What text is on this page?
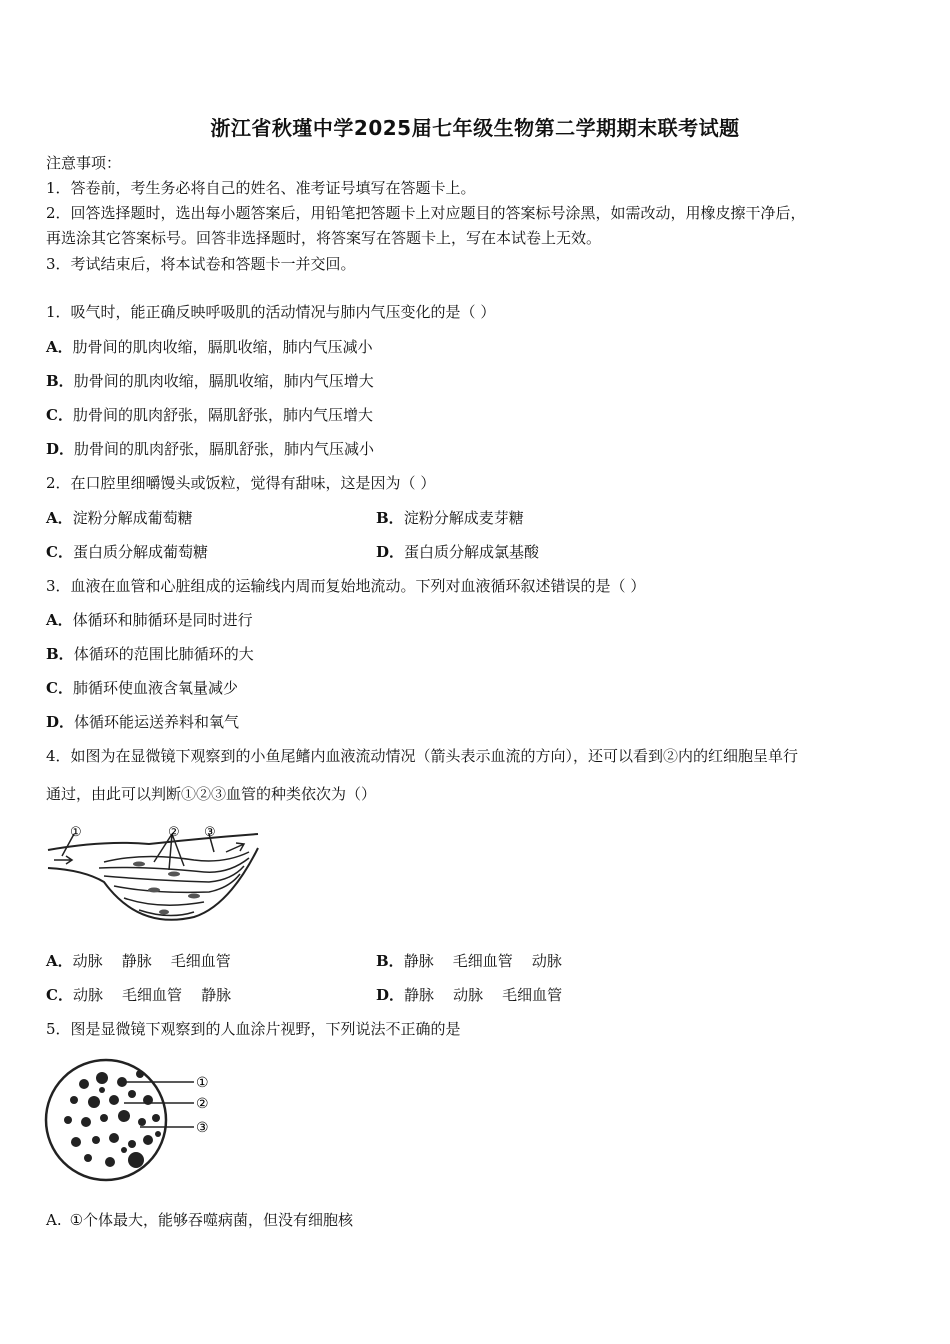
浙江省秋瑾中学2025届七年级生物第二学期期末联考试题
注意事项：
1．答卷前，考生务必将自己的姓名、准考证号填写在答题卡上。
2．回答选择题时，选出每小题答案后，用铅笔把答题卡上对应题目的答案标号涂黑，如需改动，用橡皮擦干净后，
再选涂其它答案标号。回答非选择题时，将答案写在答题卡上，写在本试卷上无效。
3．考试结束后，将本试卷和答题卡一并交回。
1．吸气时，能正确反映呼吸肌的活动情况与肺内气压变化的是（ ）
A．肋骨间的肌肉收缩，膈肌收缩，肺内气压减小
B．肋骨间的肌肉收缩，膈肌收缩，肺内气压增大
C．肋骨间的肌肉舒张，隔肌舒张，肺内气压增大
D．肋骨间的肌肉舒张，膈肌舒张，肺内气压减小
2．在口腔里细嚼馒头或饭粒，觉得有甜味，这是因为（ ）
A．淀粉分解成葡萄糖	B．淀粉分解成麦芽糖
C．蛋白质分解成葡萄糖	D．蛋白质分解成氯基酸
3．血液在血管和心脏组成的运输线内周而复始地流动。下列对血液循环叙述错误的是（ ）
A．体循环和肺循环是同时进行
B．体循环的范围比肺循环的大
C．肺循环使血液含氧量减少
D．体循环能运送养料和氧气
4．如图为在显微镜下观察到的小鱼尾鳍内血液流动情况（箭头表示血流的方向），还可以看到②内的红细胞呈单行
通过，由此可以判断①②③血管的种类依次为（）
①	② ③
A．动脉    静脉    毛细血管	B．静脉    毛细血管    动脉
C．动脉    毛细血管    静脉	D．静脉    动脉    毛细血管
5．图是显微镜下观察到的人血涂片视野，下列说法不正确的是
①
②
③
A. ①个体最大，能够吞噬病菌，但没有细胞核
